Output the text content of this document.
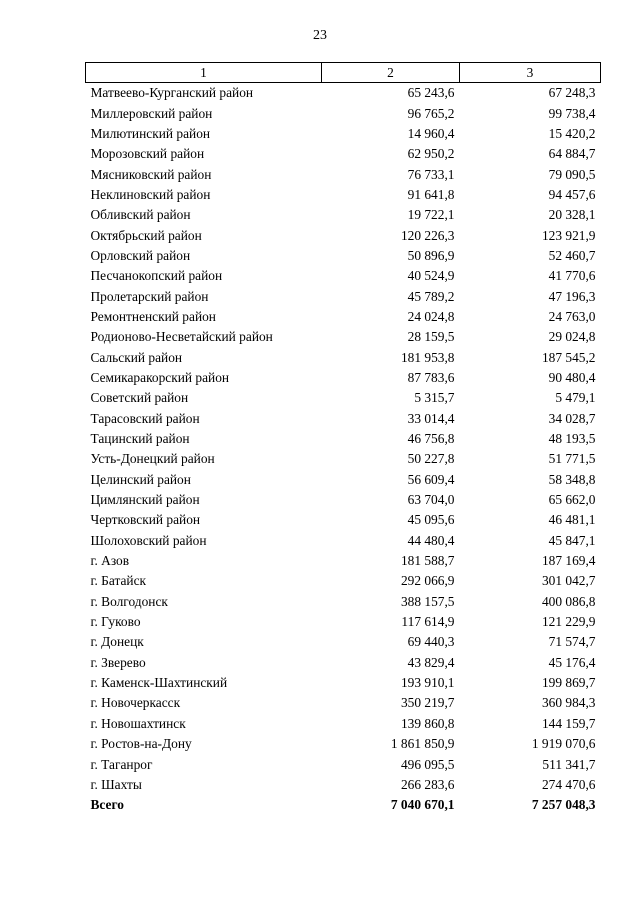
23
1	2	3
Матвеево-Курганский район	65 243,6	67 248,3
Миллеровский район	96 765,2	99 738,4
Милютинский район	14 960,4	15 420,2
Морозовский район	62 950,2	64 884,7
Мясниковский район	76 733,1	79 090,5
Неклиновский район	91 641,8	94 457,6
Обливский район	19 722,1	20 328,1
Октябрьский район	120 226,3	123 921,9
Орловский район	50 896,9	52 460,7
Песчанокопский район	40 524,9	41 770,6
Пролетарский район	45 789,2	47 196,3
Ремонтненский район	24 024,8	24 763,0
Родионово-Несветайский район	28 159,5	29 024,8
Сальский район	181 953,8	187 545,2
Семикаракорский район	87 783,6	90 480,4
Советский район	5 315,7	5 479,1
Тарасовский район	33 014,4	34 028,7
Тацинский район	46 756,8	48 193,5
Усть-Донецкий район	50 227,8	51 771,5
Целинский район	56 609,4	58 348,8
Цимлянский район	63 704,0	65 662,0
Чертковский район	45 095,6	46 481,1
Шолоховский район	44 480,4	45 847,1
г. Азов	181 588,7	187 169,4
г. Батайск	292 066,9	301 042,7
г. Волгодонск	388 157,5	400 086,8
г. Гуково	117 614,9	121 229,9
г. Донецк	69 440,3	71 574,7
г. Зверево	43 829,4	45 176,4
г. Каменск-Шахтинский	193 910,1	199 869,7
г. Новочеркасск	350 219,7	360 984,3
г. Новошахтинск	139 860,8	144 159,7
г. Ростов-на-Дону	1 861 850,9	1 919 070,6
г. Таганрог	496 095,5	511 341,7
г. Шахты	266 283,6	274 470,6
Всего	7 040 670,1	7 257 048,3
